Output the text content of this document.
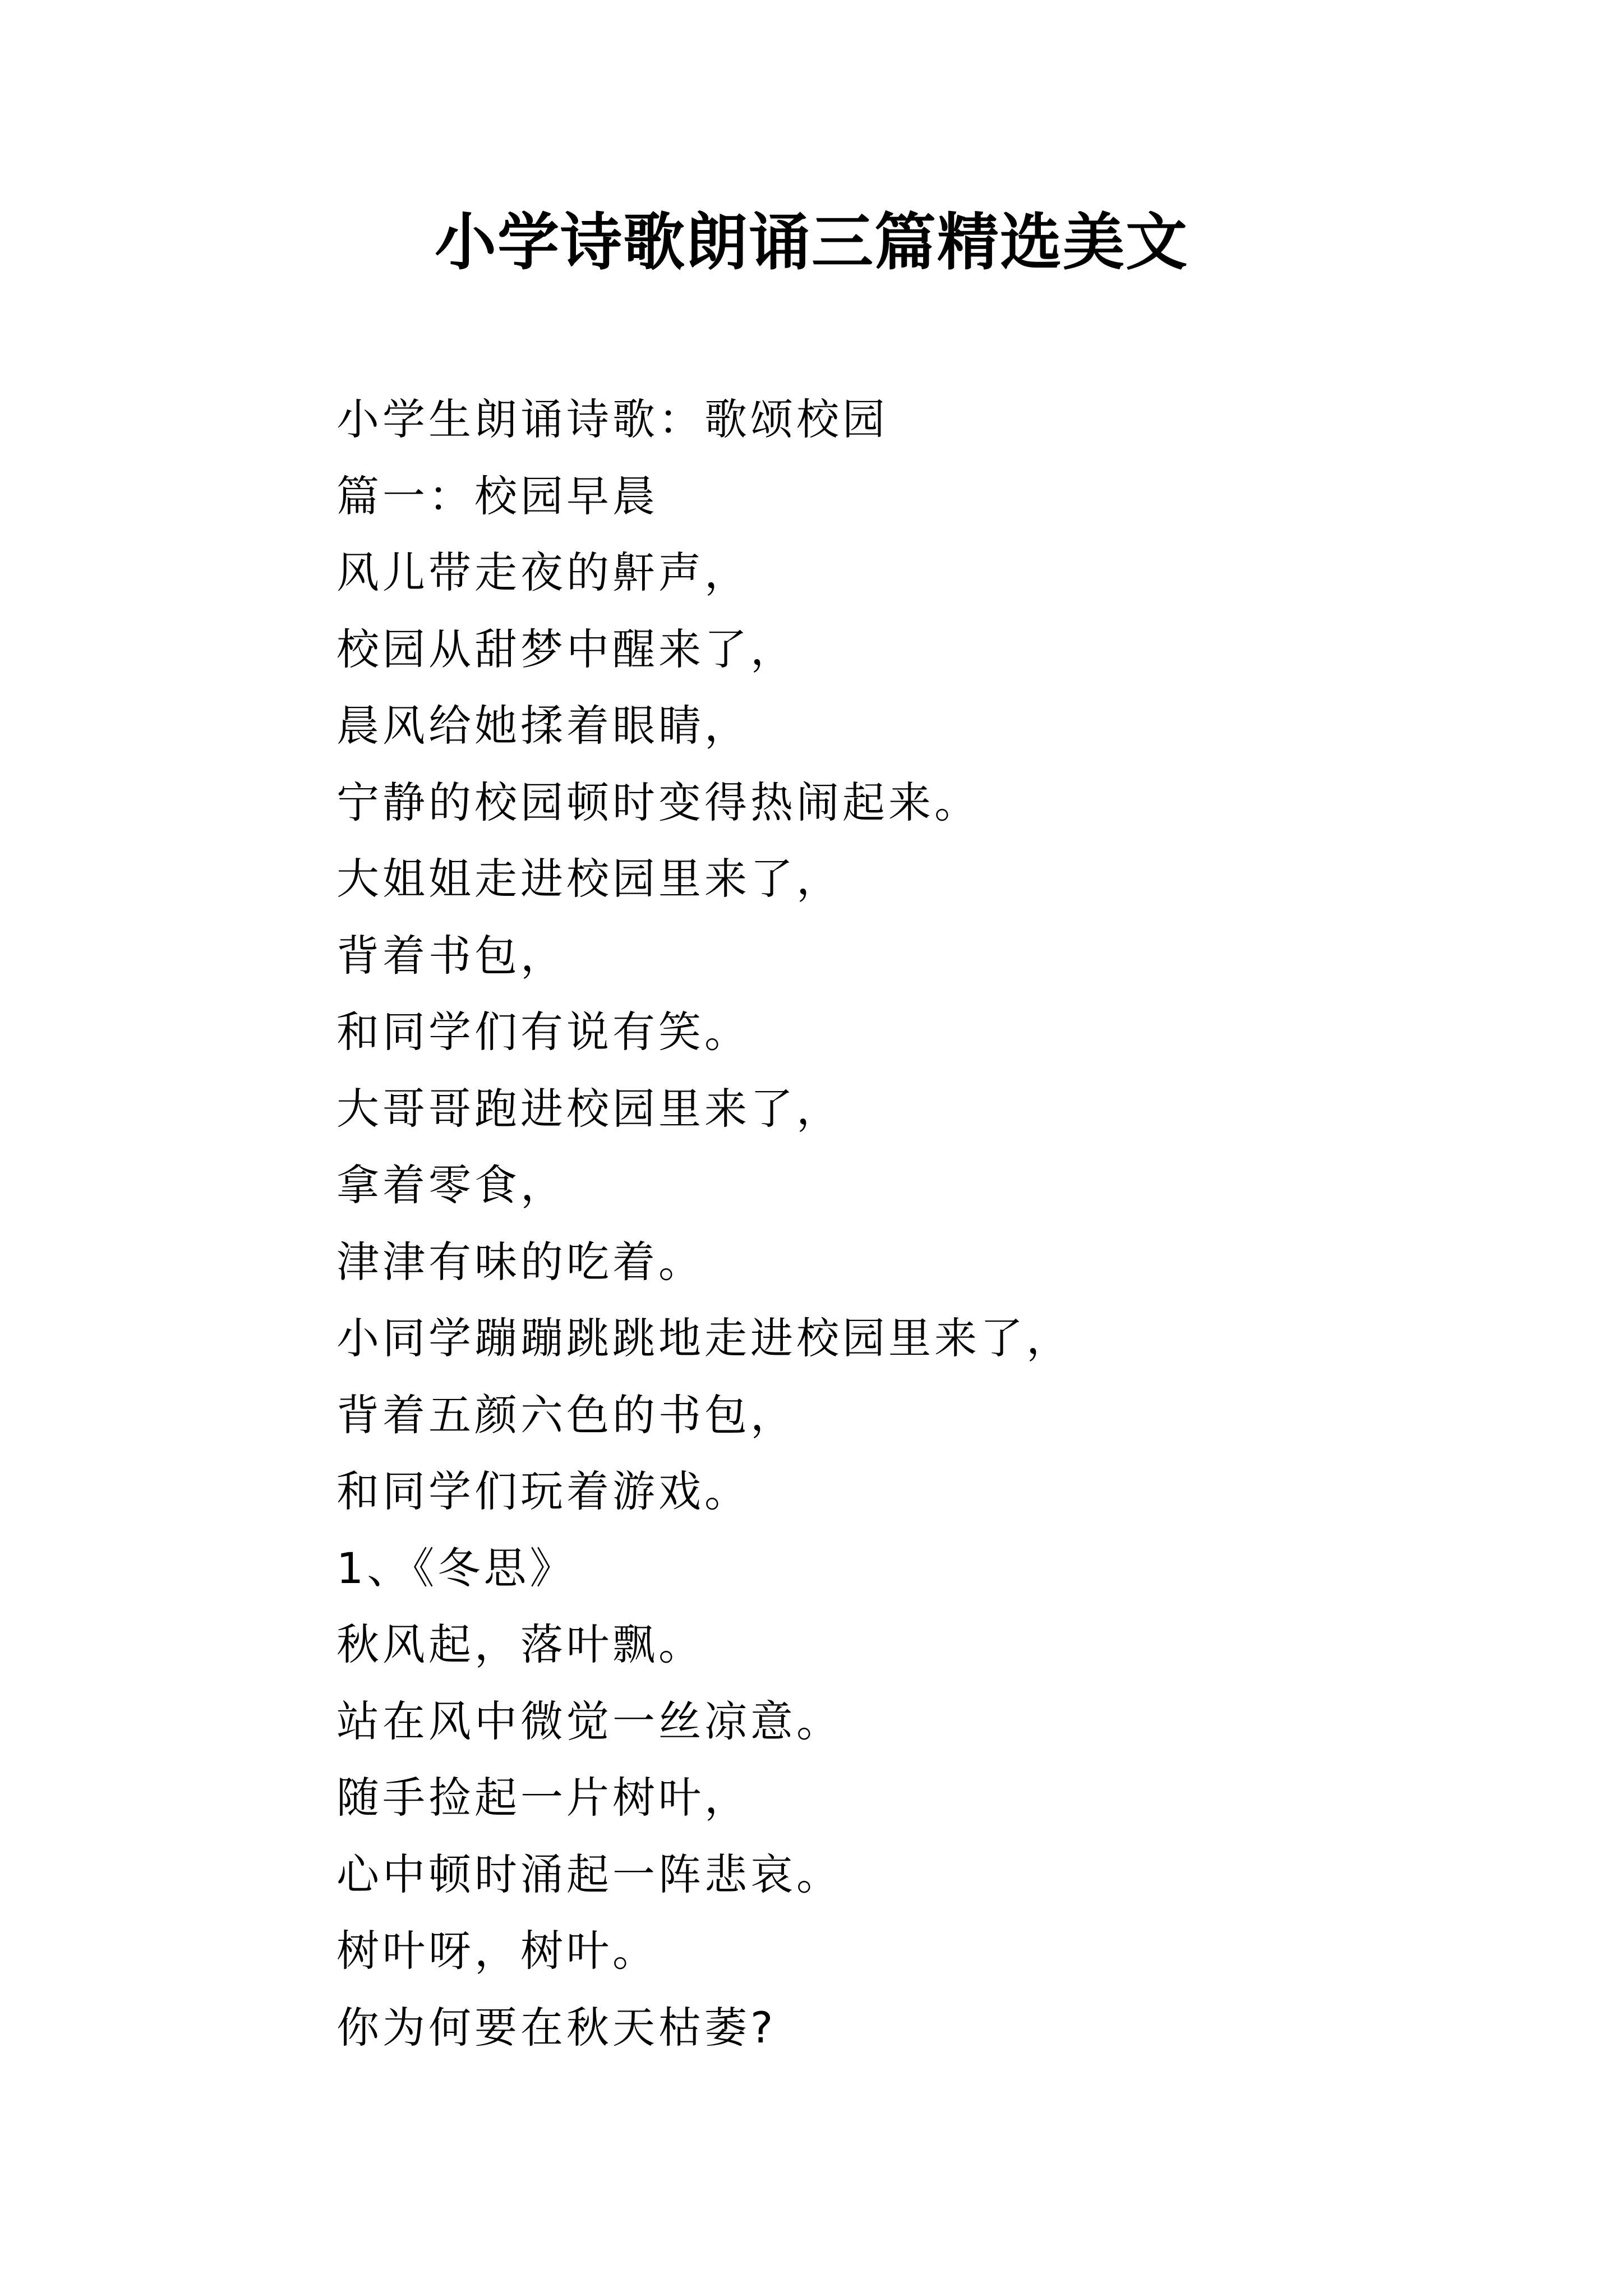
小学诗歌朗诵三篇精选美文
小学生朗诵诗歌：歌颂校园
篇一：校园早晨
风儿带走夜的鼾声，
校园从甜梦中醒来了，
晨风给她揉着眼睛，
宁静的校园顿时变得热闹起来。
大姐姐走进校园里来了，
背着书包，
和同学们有说有笑。
大哥哥跑进校园里来了，
拿着零食，
津津有味的吃着。
小同学蹦蹦跳跳地走进校园里来了，
背着五颜六色的书包，
和同学们玩着游戏。
1、《冬思》
秋风起，落叶飘。
站在风中微觉一丝凉意。
随手捡起一片树叶，
心中顿时涌起一阵悲哀。
树叶呀，树叶。
你为何要在秋天枯萎?
